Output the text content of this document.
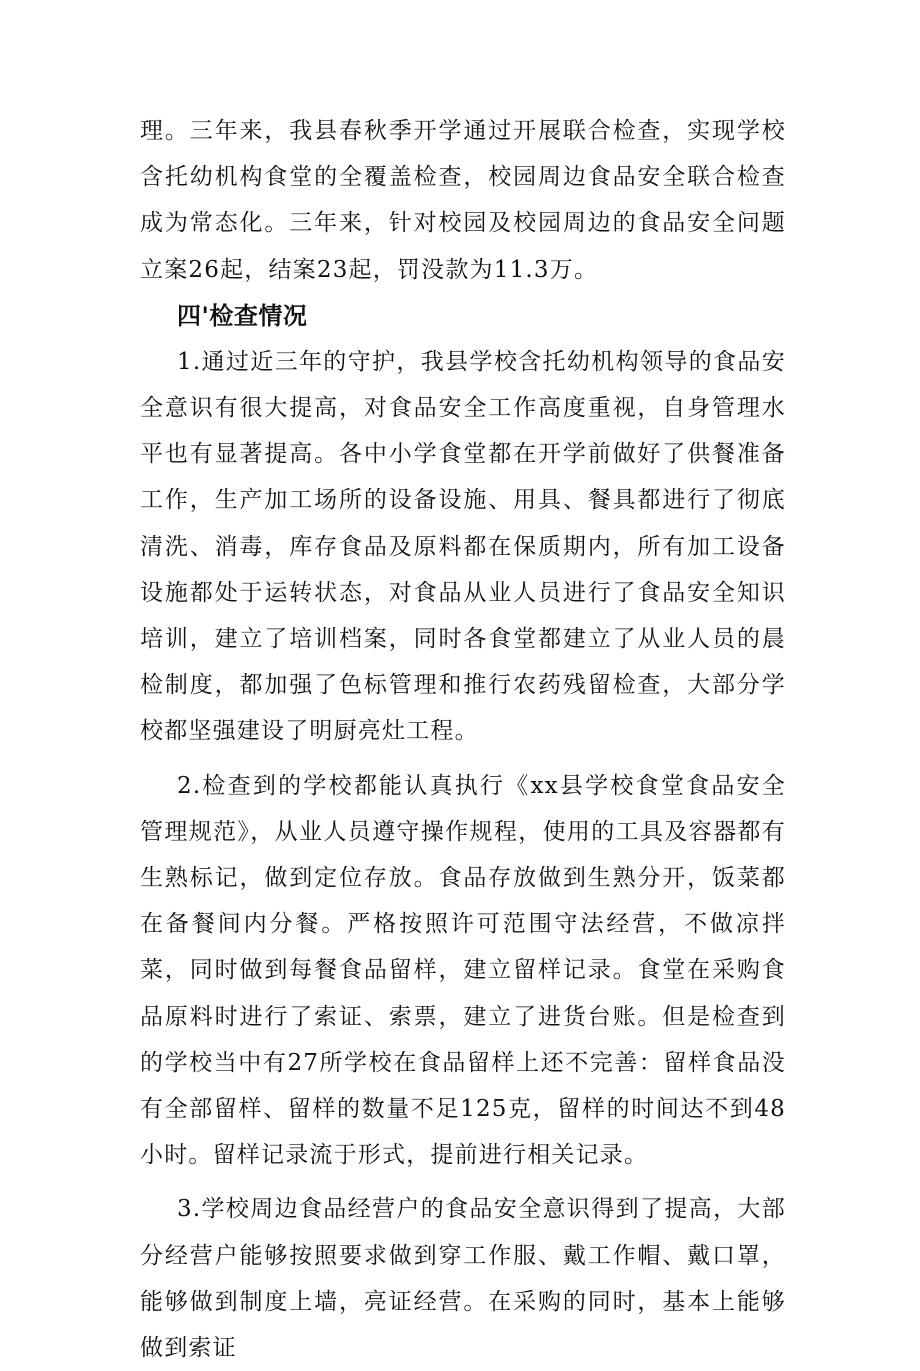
理。三年来，我县春秋季开学通过开展联合检查，实现学校含托幼机构食堂的全覆盖检查，校园周边食品安全联合检查成为常态化。三年来，针对校园及校园周边的食品安全问题立案26起，结案23起，罚没款为11.3万。

四'检查情况

1.通过近三年的守护，我县学校含托幼机构领导的食品安全意识有很大提高，对食品安全工作高度重视，自身管理水平也有显著提高。各中小学食堂都在开学前做好了供餐准备工作，生产加工场所的设备设施、用具、餐具都进行了彻底清洗、消毒，库存食品及原料都在保质期内，所有加工设备设施都处于运转状态，对食品从业人员进行了食品安全知识培训，建立了培训档案，同时各食堂都建立了从业人员的晨检制度，都加强了色标管理和推行农药残留检查，大部分学校都坚强建设了明厨亮灶工程。

2.检查到的学校都能认真执行《xx县学校食堂食品安全管理规范》，从业人员遵守操作规程，使用的工具及容器都有生熟标记，做到定位存放。食品存放做到生熟分开，饭菜都在备餐间内分餐。严格按照许可范围守法经营，不做凉拌菜，同时做到每餐食品留样，建立留样记录。食堂在采购食品原料时进行了索证、索票，建立了进货台账。但是检查到的学校当中有27所学校在食品留样上还不完善：留样食品没有全部留样、留样的数量不足125克，留样的时间达不到48小时。留样记录流于形式，提前进行相关记录。

3.学校周边食品经营户的食品安全意识得到了提高，大部分经营户能够按照要求做到穿工作服、戴工作帽、戴口罩，能够做到制度上墙，亮证经营。在采购的同时，基本上能够做到索证
